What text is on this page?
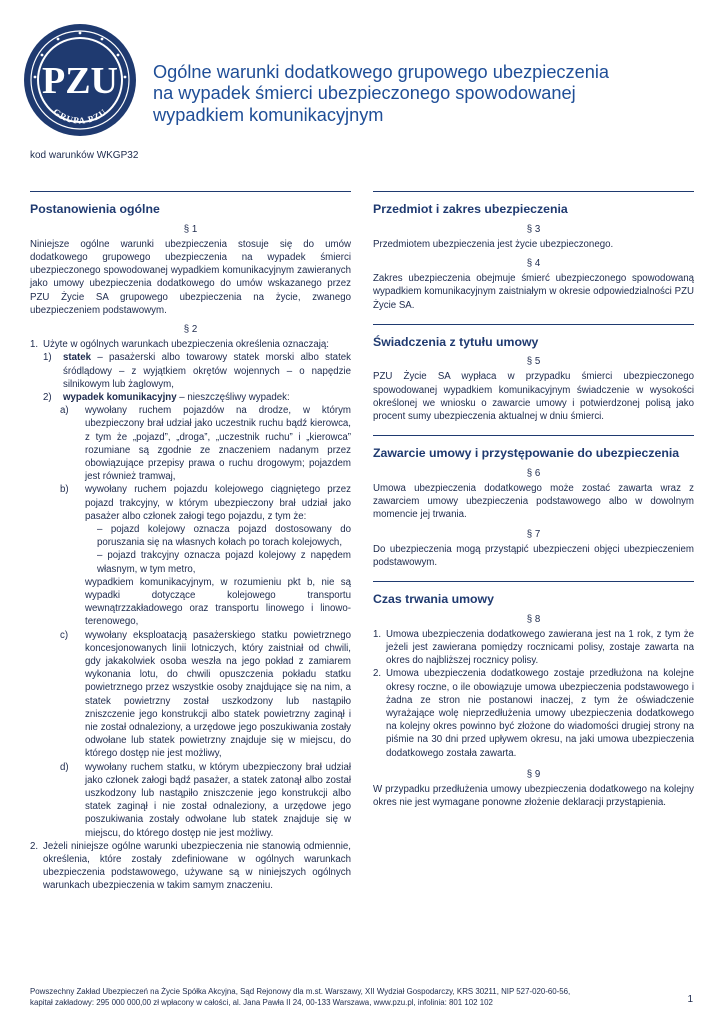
PZU
GRUPA PZU
Ogólne warunki dodatkowego grupowego ubezpieczenia
na wypadek śmierci ubezpieczonego spowodowanej
wypadkiem komunikacyjnym
kod warunków WKGP32
Postanowienia ogólne
§ 1

Niniejsze ogólne warunki ubezpieczenia stosuje się do umów dodatkowego grupowego ubezpieczenia na wypadek śmierci ubezpieczonego spowodowanej wypadkiem komunikacyjnym zawieranych jako umowy ubezpieczenia dodatkowego do umów wskazanego przez PZU Życie SA grupowego ubezpieczenia na życie, zwanego ubezpieczeniem podstawowym.

§ 2
1. Użyte w ogólnych warunkach ubezpieczenia określenia oznaczają:
1) statek – pasażerski albo towarowy statek morski albo statek śródlądowy – z wyjątkiem okrętów wojennych – o napędzie silnikowym lub żaglowym,
2) wypadek komunikacyjny – nieszczęśliwy wypadek:
a) wywołany ruchem pojazdów na drodze, w którym ubezpieczony brał udział jako uczestnik ruchu bądź kierowca, z tym że „pojazd”, „droga”, „uczestnik ruchu” i „kierowca” rozumiane są zgodnie ze znaczeniem nadanym przez obowiązujące przepisy prawa o ruchu drogowym; pojazdem jest również tramwaj,
b) wywołany ruchem pojazdu kolejowego ciągniętego przez pojazd trakcyjny, w którym ubezpieczony brał udział jako pasażer albo członek załogi tego pojazdu, z tym że:
– pojazd kolejowy oznacza pojazd dostosowany do poruszania się na własnych kołach po torach kolejowych,
– pojazd trakcyjny oznacza pojazd kolejowy z napędem własnym, w tym metro,
wypadkiem komunikacyjnym, w rozumieniu pkt b, nie są wypadki dotyczące kolejowego transportu wewnątrzzakładowego oraz transportu linowego i linowo-terenowego,
c) wywołany eksploatacją pasażerskiego statku powietrznego koncesjonowanych linii lotniczych, który zaistniał od chwili, gdy jakakolwiek osoba weszła na jego pokład z zamiarem wykonania lotu, do chwili opuszczenia pokładu statku powietrznego przez wszystkie osoby znajdujące się na nim, a statek powietrzny został uszkodzony lub nastąpiło zniszczenie jego konstrukcji albo statek powietrzny zaginął i nie został odnaleziony, a urzędowe jego poszukiwania zostały odwołane lub statek powietrzny znajduje się w miejscu, do którego dostęp nie jest możliwy,
d) wywołany ruchem statku, w którym ubezpieczony brał udział jako członek załogi bądź pasażer, a statek zatonął albo został uszkodzony lub nastąpiło zniszczenie jego konstrukcji albo statek zaginął i nie został odnaleziony, a urzędowe jego poszukiwania zostały odwołane lub statek znajduje się w miejscu, do którego dostęp nie jest możliwy.
2. Jeżeli niniejsze ogólne warunki ubezpieczenia nie stanowią odmiennie, określenia, które zostały zdefiniowane w ogólnych warunkach ubezpieczenia podstawowego, używane są w niniejszych ogólnych warunkach ubezpieczenia w takim samym znaczeniu.
Przedmiot i zakres ubezpieczenia
§ 3

Przedmiotem ubezpieczenia jest życie ubezpieczonego.

§ 4

Zakres ubezpieczenia obejmuje śmierć ubezpieczonego spowodowaną wypadkiem komunikacyjnym zaistniałym w okresie odpowiedzialności PZU Życie SA.

Świadczenia z tytułu umowy
§ 5

PZU Życie SA wypłaca w przypadku śmierci ubezpieczonego spowodowanej wypadkiem komunikacyjnym świadczenie w wysokości określonej we wniosku o zawarcie umowy i potwierdzonej polisą jako procent sumy ubezpieczenia aktualnej w dniu śmierci.

Zawarcie umowy i przystępowanie do ubezpieczenia
§ 6

Umowa ubezpieczenia dodatkowego może zostać zawarta wraz z zawarciem umowy ubezpieczenia podstawowego albo w dowolnym momencie jej trwania.

§ 7

Do ubezpieczenia mogą przystąpić ubezpieczeni objęci ubezpieczeniem podstawowym.

Czas trwania umowy
§ 8
1. Umowa ubezpieczenia dodatkowego zawierana jest na 1 rok, z tym że jeżeli jest zawierana pomiędzy rocznicami polisy, zostaje zawarta na okres do najbliższej rocznicy polisy.
2. Umowa ubezpieczenia dodatkowego zostaje przedłużona na kolejne okresy roczne, o ile obowiązuje umowa ubezpieczenia podstawowego i żadna ze stron nie postanowi inaczej, z tym że oświadczenie wyrażające wolę nieprzedłużenia umowy ubezpieczenia dodatkowego na kolejny okres powinno być złożone do wiadomości drugiej strony na piśmie na 30 dni przed upływem okresu, na jaki umowa ubezpieczenia dodatkowego została zawarta.
§ 9

W przypadku przedłużenia umowy ubezpieczenia dodatkowego na kolejny okres nie jest wymagane ponowne złożenie deklaracji przystąpienia.

Powszechny Zakład Ubezpieczeń na Życie Spółka Akcyjna, Sąd Rejonowy dla m.st. Warszawy, XII Wydział Gospodarczy, KRS 30211, NIP 527-020-60-56,
kapitał zakładowy: 295 000 000,00 zł wpłacony w całości, al. Jana Pawła II 24, 00-133 Warszawa, www.pzu.pl, infolinia: 801 102 102	1
